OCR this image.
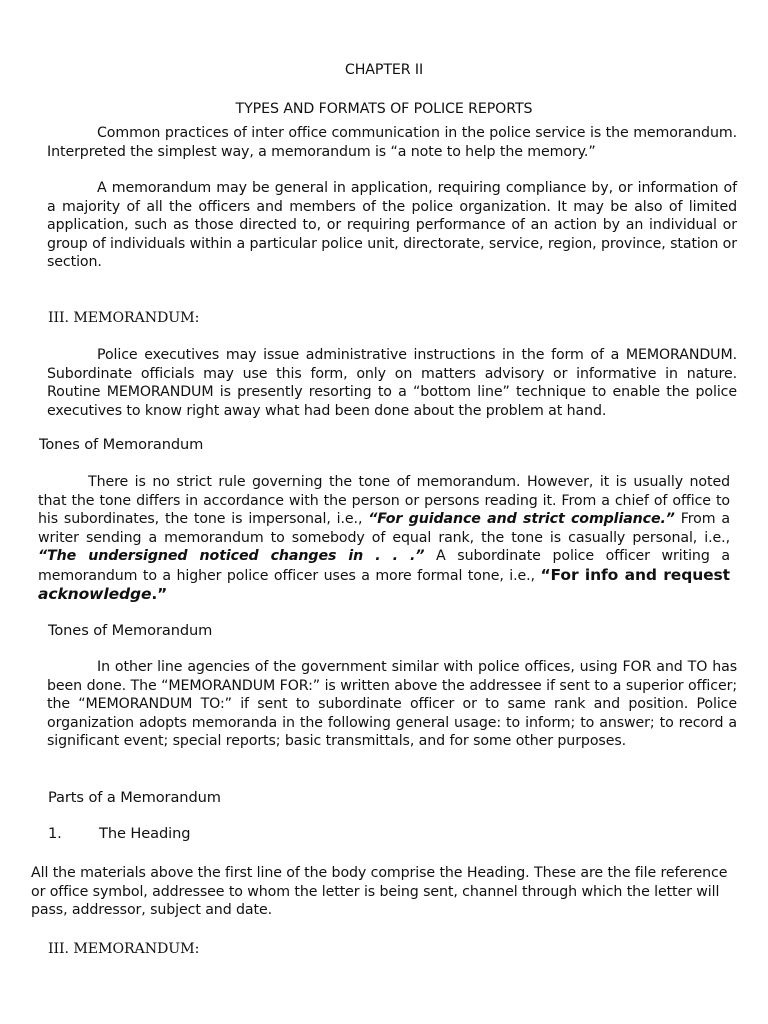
CHAPTER II
TYPES AND FORMATS OF POLICE REPORTS
Common practices of inter office communication in the police service is the memorandum. Interpreted the simplest way, a memorandum is “a note to help the memory.”
A memorandum may be general in application, requiring compliance by, or information of a majority of all the officers and members of the police organization. It may be also of limited application, such as those directed to, or requiring performance of an action by an individual or group of individuals within a particular police unit, directorate, service, region, province, station or section.
III. MEMORANDUM:
Police executives may issue administrative instructions in the form of a MEMORANDUM. Subordinate officials may use this form, only on matters advisory or informative in nature. Routine MEMORANDUM is presently resorting to a “bottom line” technique to enable the police executives to know right away what had been done about the problem at hand.
Tones of Memorandum
There is no strict rule governing the tone of memorandum. However, it is usually noted that the tone differs in accordance with the person or persons reading it. From a chief of office to his subordinates, the tone is impersonal, i.e., “For guidance and strict compliance.” From a writer sending a memorandum to somebody of equal rank, the tone is casually personal, i.e., “The undersigned noticed changes in . . .” A subordinate police officer writing a memorandum to a higher police officer uses a more formal tone, i.e., “For info and request acknowledge.”
Tones of Memorandum
In other line agencies of the government similar with police offices, using FOR and TO has been done. The “MEMORANDUM FOR:” is written above the addressee if sent to a superior officer; the “MEMORANDUM TO:” if sent to subordinate officer or to same rank and position. Police organization adopts memoranda in the following general usage: to inform; to answer; to record a significant event; special reports; basic transmittals, and for some other purposes.
Parts of a Memorandum
1.	The Heading
All the materials above the first line of the body comprise the Heading. These are the file reference or office symbol, addressee to whom the letter is being sent, channel through which the letter will pass, addressor, subject and date.
III. MEMORANDUM:
